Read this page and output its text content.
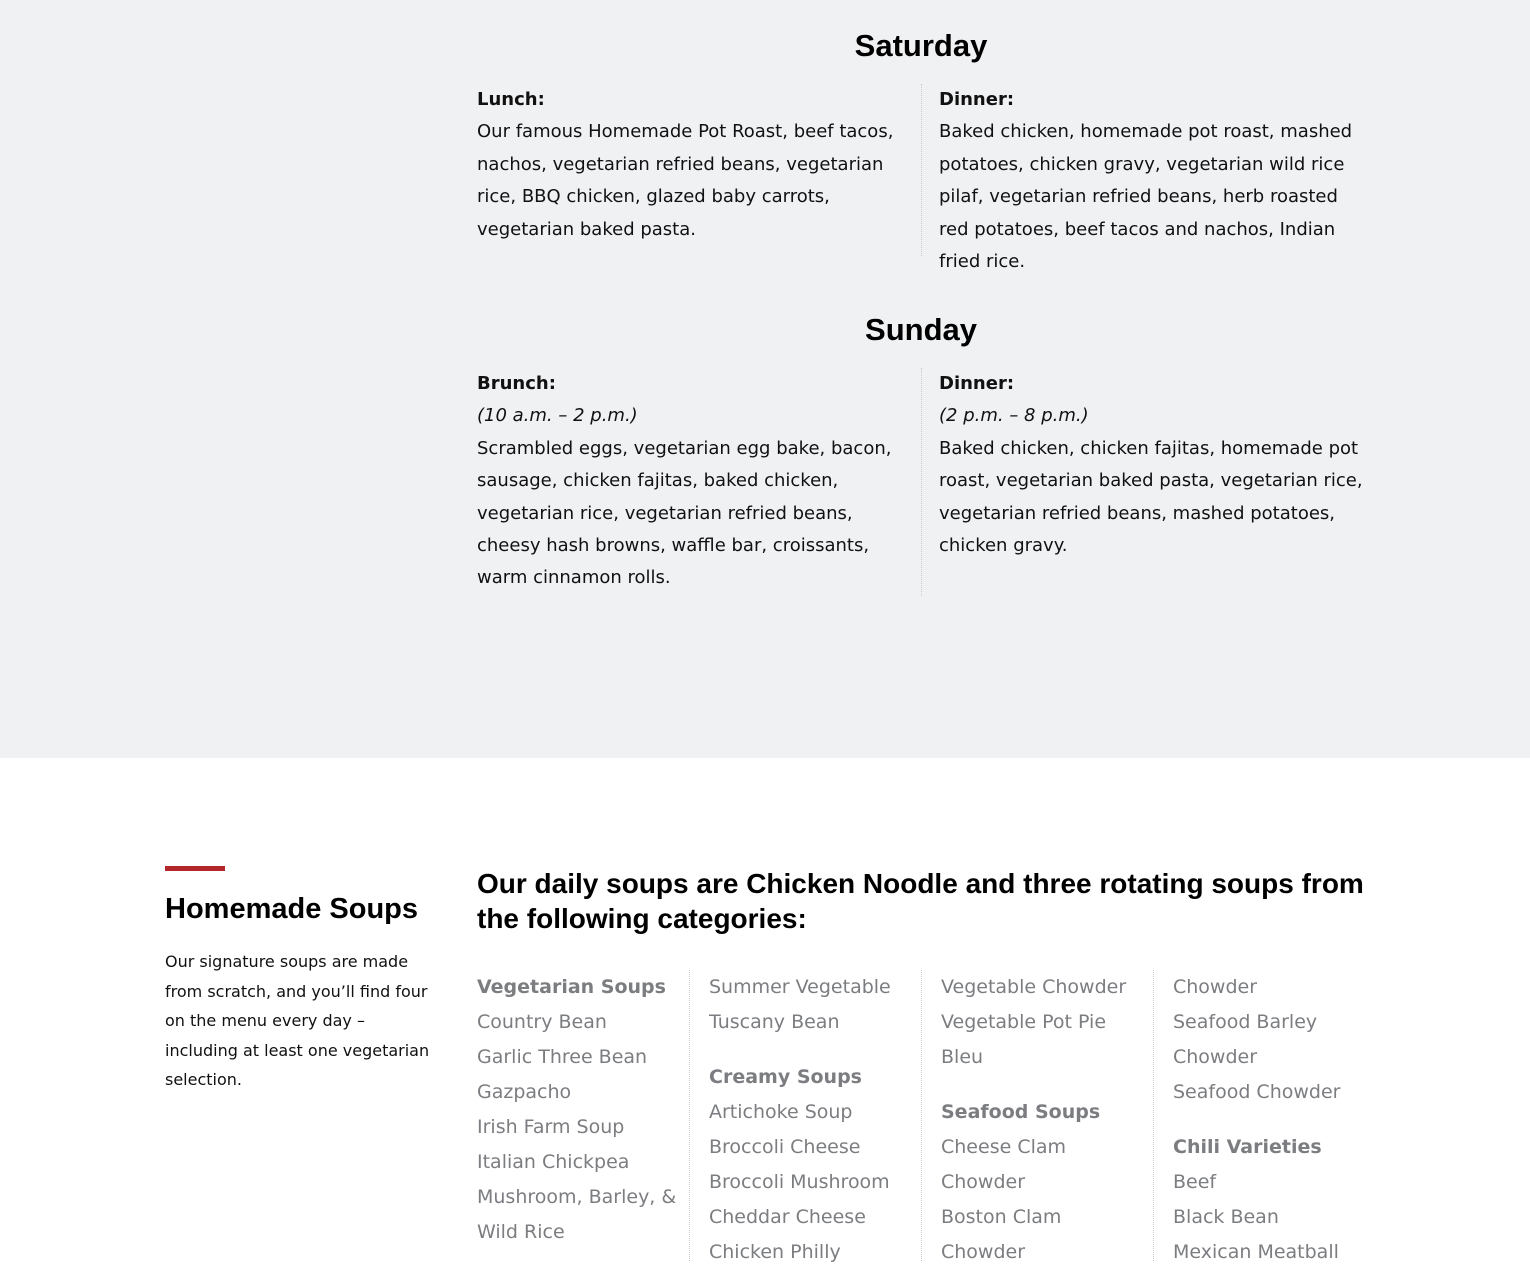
Saturday
Lunch:
Our famous Homemade Pot Roast, beef tacos, nachos, vegetarian refried beans, vegetarian rice, BBQ chicken, glazed baby carrots, vegetarian baked pasta.
Dinner:
Baked chicken, homemade pot roast, mashed potatoes, chicken gravy, vegetarian wild rice pilaf, vegetarian refried beans, herb roasted red potatoes, beef tacos and nachos, Indian fried rice.
Sunday
Brunch:
(10 a.m. – 2 p.m.)
Scrambled eggs, vegetarian egg bake, bacon, sausage, chicken fajitas, baked chicken, vegetarian rice, vegetarian refried beans, cheesy hash browns, waffle bar, croissants, warm cinnamon rolls.
Dinner:
(2 p.m. – 8 p.m.)
Baked chicken, chicken fajitas, homemade pot roast, vegetarian baked pasta, vegetarian rice, vegetarian refried beans, mashed potatoes, chicken gravy.
Homemade Soups

Our signature soups are made from scratch, and you’ll find four on the menu every day – including at least one vegetarian selection.

Our daily soups are Chicken Noodle and three rotating soups from the following categories:
Vegetarian Soups
Country Bean
Garlic Three Bean
Gazpacho
Irish Farm Soup
Italian Chickpea
Mushroom, Barley, &
Wild Rice
Summer Vegetable
Tuscany Bean
Creamy Soups
Artichoke Soup
Broccoli Cheese
Broccoli Mushroom
Cheddar Cheese
Chicken Philly
Vegetable Chowder
Vegetable Pot Pie
Bleu
Seafood Soups
Cheese Clam
Chowder
Boston Clam
Chowder
Chowder
Seafood Barley
Chowder
Seafood Chowder
Chili Varieties
Beef
Black Bean
Mexican Meatball
